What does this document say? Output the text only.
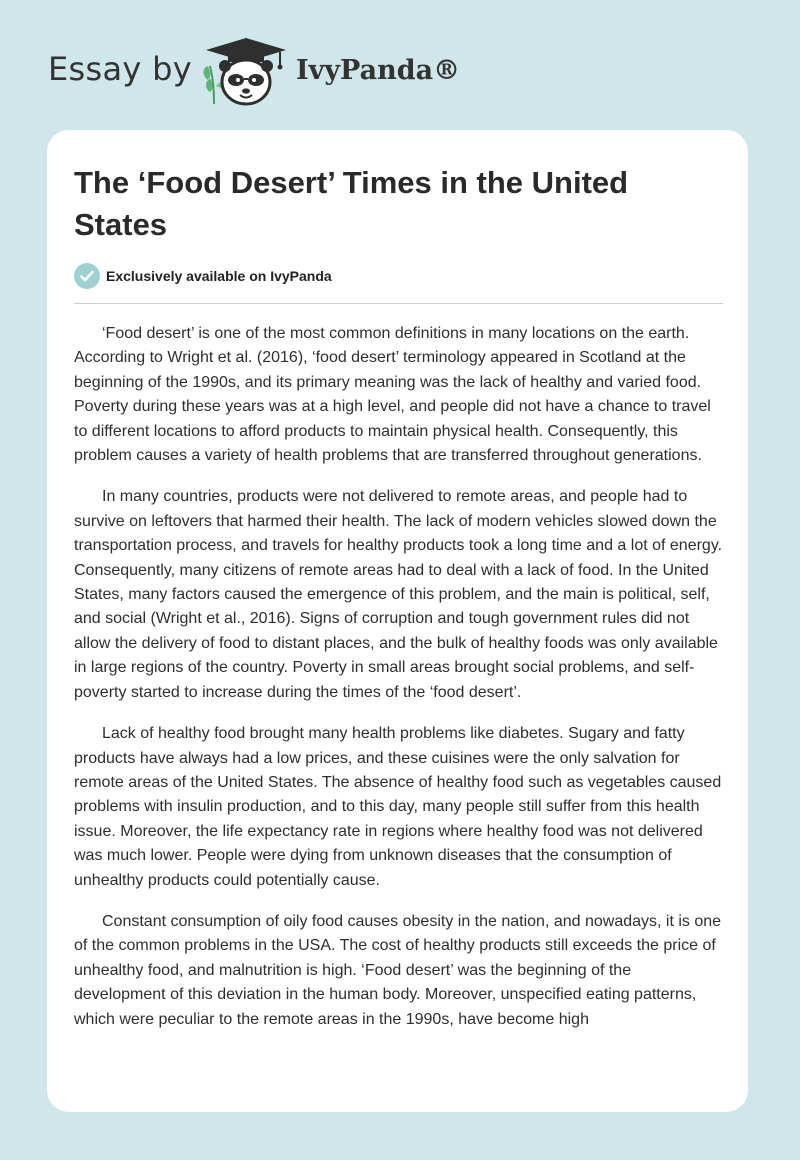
Essay by	IvyPanda®
The ‘Food Desert’ Times in the United States
Exclusively available on IvyPanda

‘Food desert’ is one of the most common definitions in many locations on the earth. According to Wright et al. (2016), ‘food desert’ terminology appeared in Scotland at the beginning of the 1990s, and its primary meaning was the lack of healthy and varied food. Poverty during these years was at a high level, and people did not have a chance to travel to different locations to afford products to maintain physical health. Consequently, this problem causes a variety of health problems that are transferred throughout generations.

In many countries, products were not delivered to remote areas, and people had to survive on leftovers that harmed their health. The lack of modern vehicles slowed down the transportation process, and travels for healthy products took a long time and a lot of energy. Consequently, many citizens of remote areas had to deal with a lack of food. In the United States, many factors caused the emergence of this problem, and the main is political, self, and social (Wright et al., 2016). Signs of corruption and tough government rules did not allow the delivery of food to distant places, and the bulk of healthy foods was only available in large regions of the country. Poverty in small areas brought social problems, and self-poverty started to increase during the times of the ‘food desert’.

Lack of healthy food brought many health problems like diabetes. Sugary and fatty products have always had a low prices, and these cuisines were the only salvation for remote areas of the United States. The absence of healthy food such as vegetables caused problems with insulin production, and to this day, many people still suffer from this health issue. Moreover, the life expectancy rate in regions where healthy food was not delivered was much lower. People were dying from unknown diseases that the consumption of unhealthy products could potentially cause.

Constant consumption of oily food causes obesity in the nation, and nowadays, it is one of the common problems in the USA. The cost of healthy products still exceeds the price of unhealthy food, and malnutrition is high. ‘Food desert’ was the beginning of the development of this deviation in the human body. Moreover, unspecified eating patterns, which were peculiar to the remote areas in the 1990s, have become high
